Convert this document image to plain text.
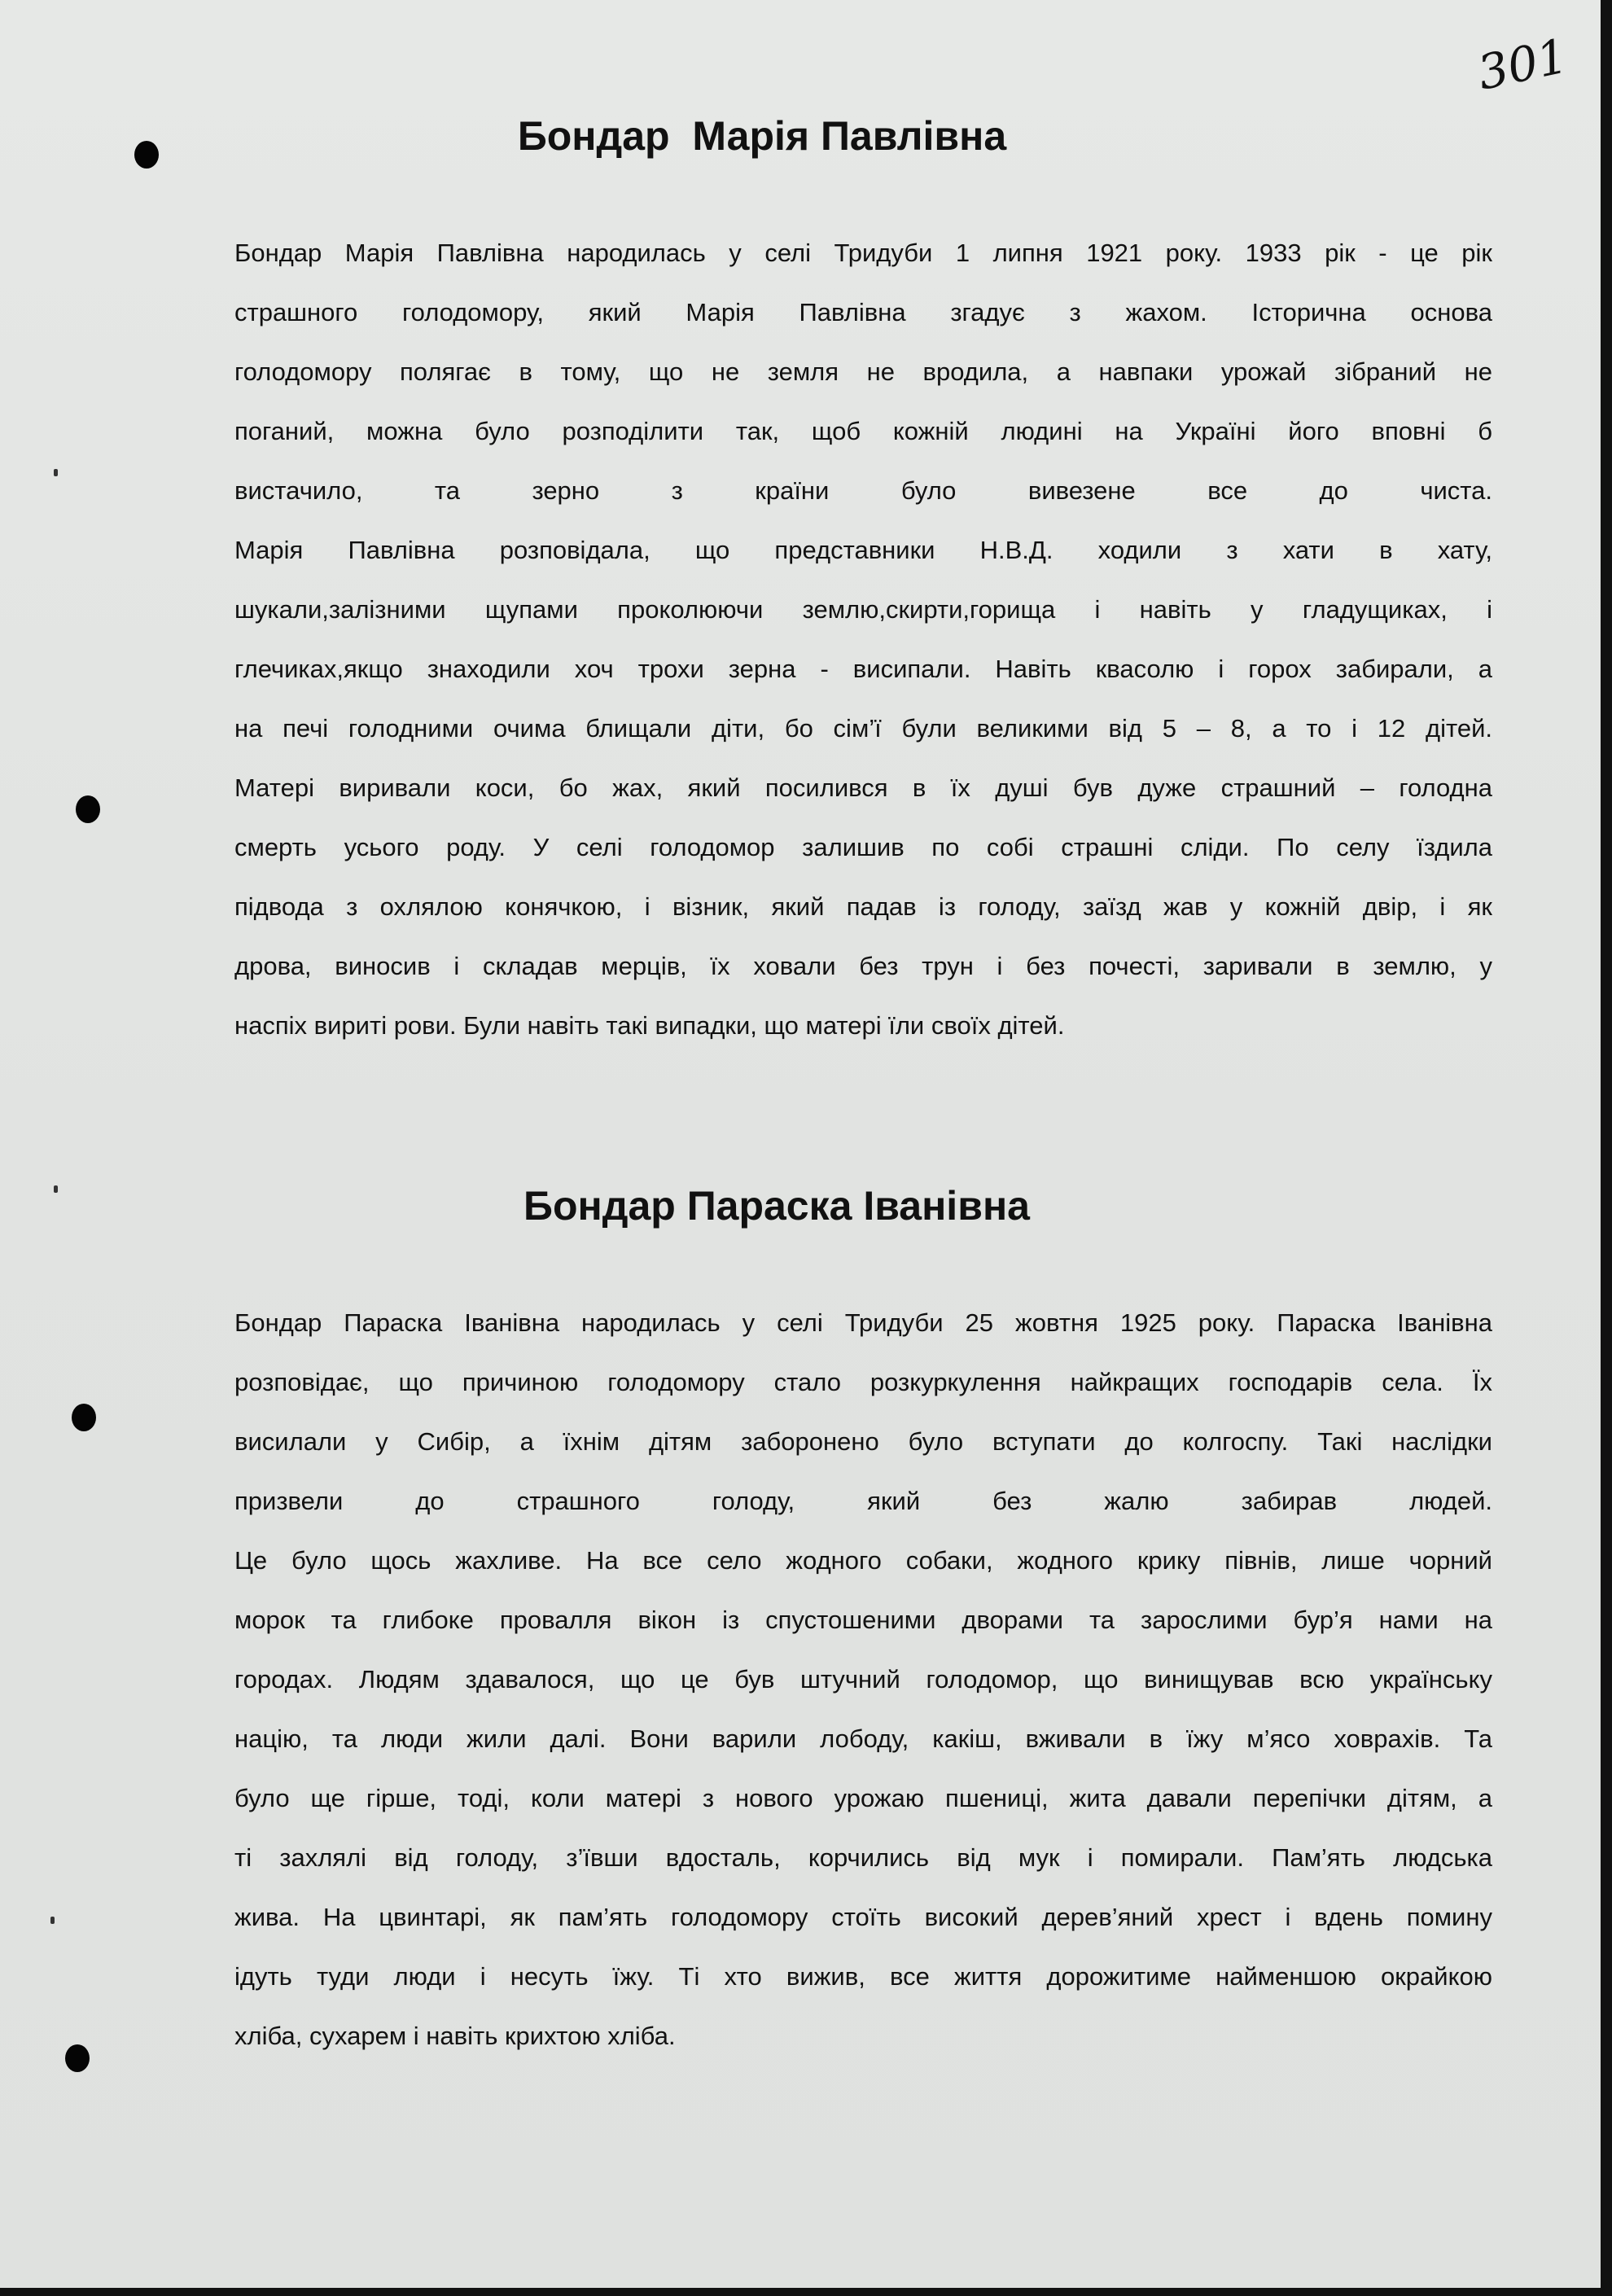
301
Бондар  Марія Павлівна
Бондар Марія Павлівна народилась у селі Тридуби 1 липня 1921 року. 1933 рік - це рік
страшного голодомору, який Марія Павлівна згадує з жахом. Історична основа
голодомору полягає в тому, що не земля не вродила, а навпаки урожай зібраний не
поганий, можна було розподілити так, щоб кожній людині на Україні його вповні б
вистачило, та зерно з країни було вивезене все до чиста.
Марія Павлівна розповідала, що представники Н.В.Д. ходили з хати в хату,
шукали,залізними щупами проколюючи землю,скирти,горища і навіть у гладущиках, і
глечиках,якщо знаходили хоч трохи зерна - висипали. Навіть квасолю і горох забирали, а
на печі голодними очима блищали діти, бо сім’ї були великими від 5 – 8, а то і 12 дітей.
Матері виривали коси, бо жах, який посилився в їх душі був дуже страшний – голодна
смерть усього роду. У селі голодомор залишив по собі страшні сліди. По селу їздила
підвода з охлялою конячкою, і візник, який падав із голоду, заїзд жав у кожній двір, і як
дрова, виносив і складав мерців, їх ховали без трун і без почесті, заривали в землю, у
наспіх вириті рови. Були навіть такі випадки, що матері їли своїх дітей.
Бондар Параска Іванівна
Бондар Параска Іванівна народилась у селі Тридуби 25 жовтня 1925 року. Параска Іванівна
розповідає, що причиною голодомору стало розкуркулення найкращих господарів села. Їх
висилали у Сибір, а їхнім дітям заборонено було вступати до колгоспу. Такі наслідки
призвели до страшного голоду, який без жалю забирав людей.
Це було щось жахливе. На все село жодного собаки, жодного крику півнів, лише чорний
морок та глибоке провалля вікон із спустошеними дворами та зарослими бур’я нами на
городах. Людям здавалося, що це був штучний голодомор, що винищував всю українську
націю, та люди жили далі. Вони варили лободу, какіш, вживали в їжу м’ясо ховрахів. Та
було ще гірше, тоді, коли матері з нового урожаю пшениці, жита давали перепічки дітям, а
ті захлялі від голоду, з’ївши вдосталь, корчились від мук і помирали. Пам’ять людська
жива. На цвинтарі, як пам’ять голодомору стоїть високий дерев’яний хрест і вдень помину
ідуть туди люди і несуть їжу. Ті хто вижив, все життя дорожитиме найменшою окрайкою
хліба, сухарем і навіть крихтою хліба.
